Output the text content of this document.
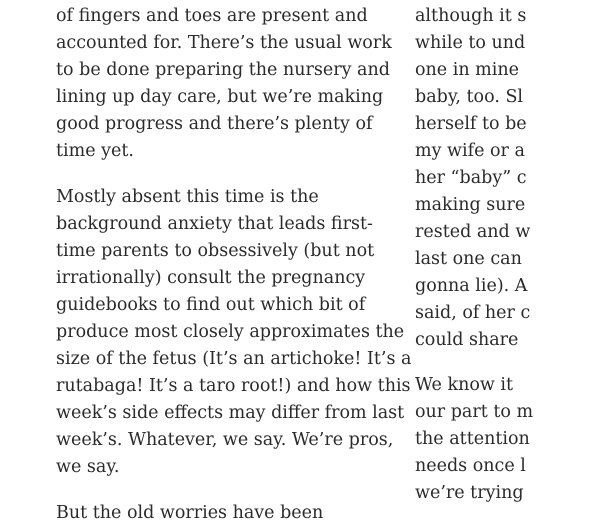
of fingers and toes are present and
accounted for. There’s the usual work
to be done preparing the nursery and
lining up day care, but we’re making
good progress and there’s plenty of
time yet.
Mostly absent this time is the
background anxiety that leads first-
time parents to obsessively (but not
irrationally) consult the pregnancy
guidebooks to find out which bit of
produce most closely approximates the
size of the fetus (It’s an artichoke! It’s a
rutabaga! It’s a taro root!) and how this
week’s side effects may differ from last
week’s. Whatever, we say. We’re pros,
we say.
But the old worries have been
although it s
while to und
one in mine
baby, too. Sl
herself to be
my wife or a
her “baby” c
making sure
rested and w
last one can
gonna lie). A
said, of her c
could share
We know it
our part to m
the attention
needs once l
we’re trying
